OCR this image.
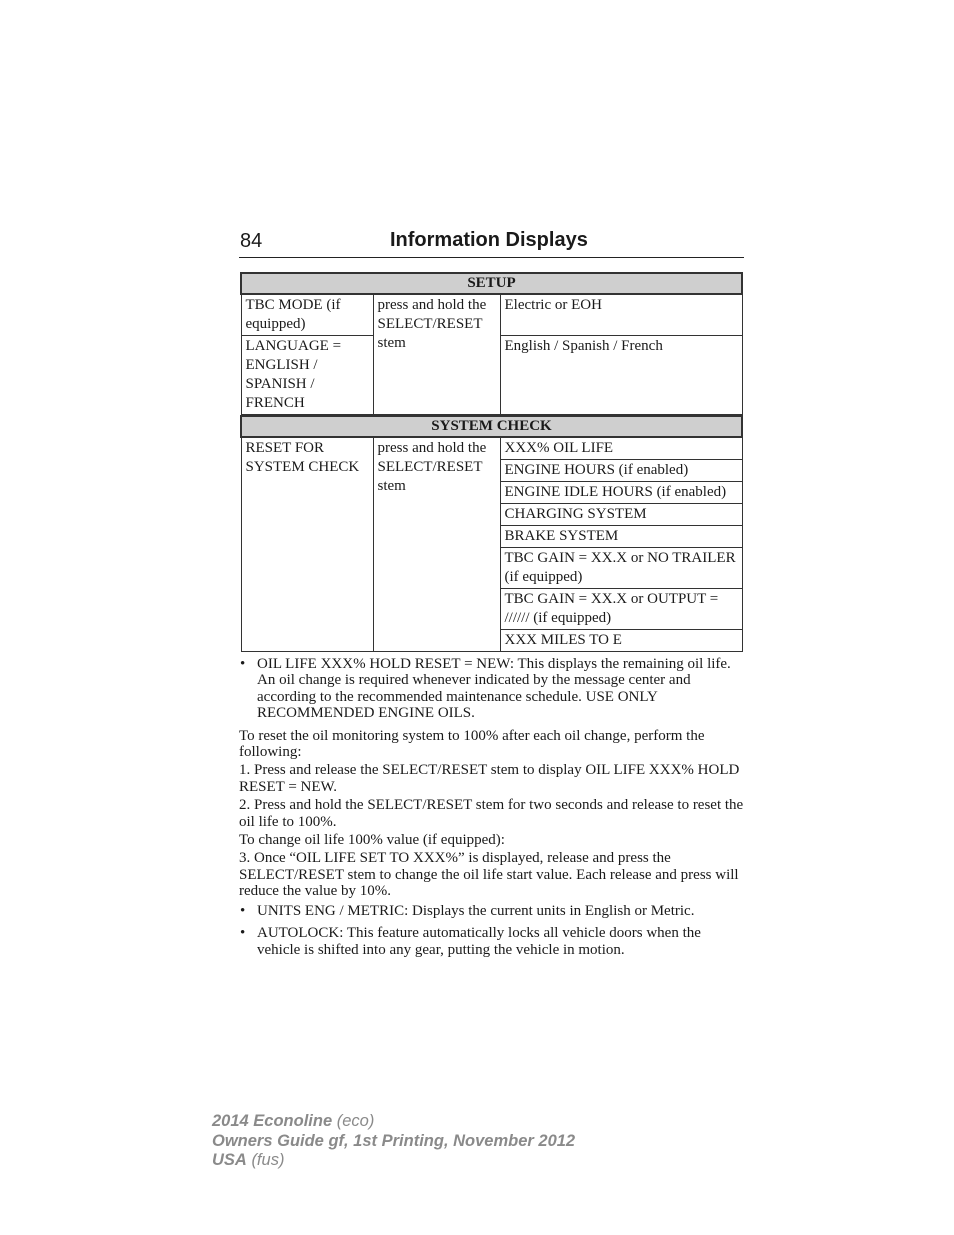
84	Information Displays
SETUP		
TBC MODE (if equipped)	press and hold the SELECT/RESET stem	Electric or EOH
LANGUAGE = ENGLISH / SPANISH / FRENCH		English / Spanish / French
SYSTEM CHECK
RESET FOR SYSTEM CHECK	press and hold the SELECT/RESET stem	XXX% OIL LIFE
ENGINE HOURS (if enabled)
ENGINE IDLE HOURS (if enabled)
CHARGING SYSTEM
BRAKE SYSTEM
TBC GAIN = XX.X or NO TRAILER (if equipped)
TBC GAIN = XX.X or OUTPUT = ////// (if equipped)
XXX MILES TO E
• OIL LIFE XXX% HOLD RESET = NEW: This displays the remaining oil life. An oil change is required whenever indicated by the message center and according to the recommended maintenance schedule. USE ONLY RECOMMENDED ENGINE OILS.

To reset the oil monitoring system to 100% after each oil change, perform the following:

1. Press and release the SELECT/RESET stem to display OIL LIFE XXX% HOLD RESET = NEW.

2. Press and hold the SELECT/RESET stem for two seconds and release to reset the oil life to 100%.

To change oil life 100% value (if equipped):

3. Once “OIL LIFE SET TO XXX%” is displayed, release and press the SELECT/RESET stem to change the oil life start value. Each release and press will reduce the value by 10%.

• UNITS ENG / METRIC: Displays the current units in English or Metric.
• AUTOLOCK: This feature automatically locks all vehicle doors when the vehicle is shifted into any gear, putting the vehicle in motion.
2014 Econoline (eco)
Owners Guide gf, 1st Printing, November 2012
USA (fus)
